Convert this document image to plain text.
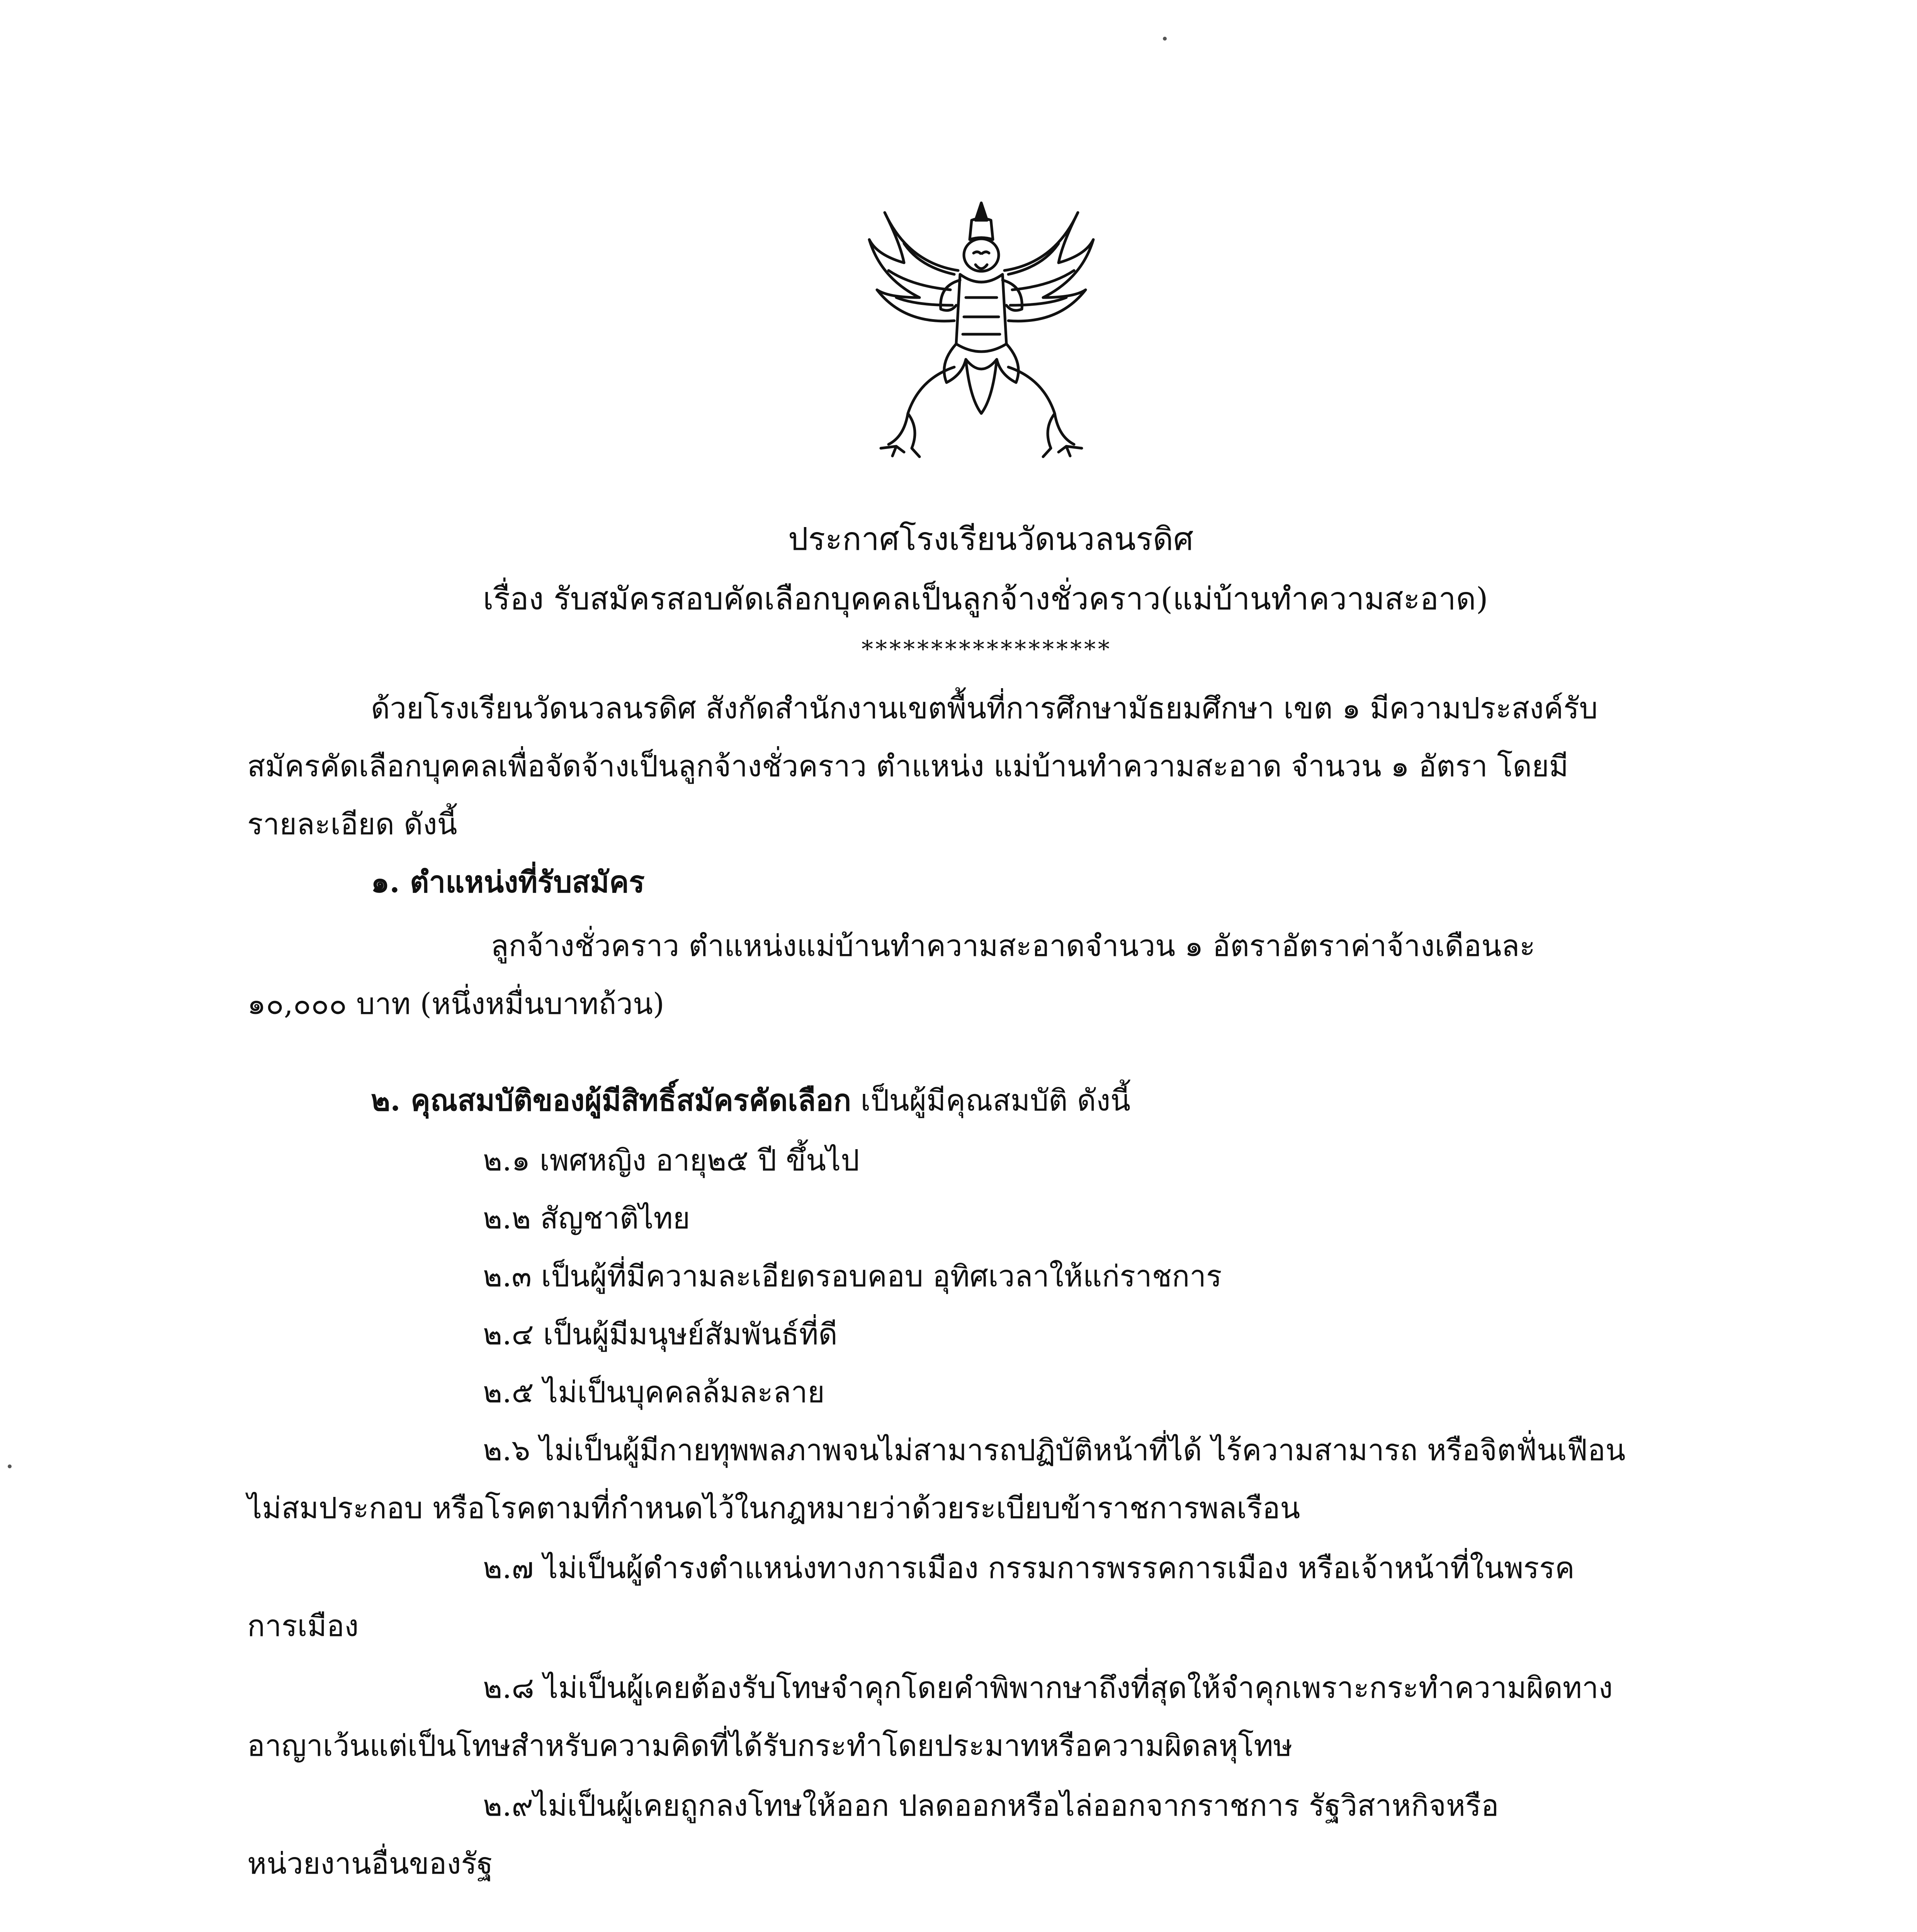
ประกาศโรงเรียนวัดนวลนรดิศ
เรื่อง รับสมัครสอบคัดเลือกบุคคลเป็นลูกจ้างชั่วคราว(แม่บ้านทำความสะอาด)
******************
ด้วยโรงเรียนวัดนวลนรดิศ สังกัดสำนักงานเขตพื้นที่การศึกษามัธยมศึกษา เขต ๑ มีความประสงค์รับ
สมัครคัดเลือกบุคคลเพื่อจัดจ้างเป็นลูกจ้างชั่วคราว ตำแหน่ง แม่บ้านทำความสะอาด จำนวน ๑ อัตรา โดยมี
รายละเอียด ดังนี้
๑. ตำแหน่งที่รับสมัคร
ลูกจ้างชั่วคราว ตำแหน่งแม่บ้านทำความสะอาดจำนวน ๑ อัตราอัตราค่าจ้างเดือนละ
๑๐,๐๐๐ บาท (หนึ่งหมื่นบาทถ้วน)
๒. คุณสมบัติของผู้มีสิทธิ์สมัครคัดเลือก เป็นผู้มีคุณสมบัติ ดังนี้
๒.๑ เพศหญิง อายุ๒๕ ปี ขึ้นไป
๒.๒ สัญชาติไทย
๒.๓ เป็นผู้ที่มีความละเอียดรอบคอบ อุทิศเวลาให้แก่ราชการ
๒.๔ เป็นผู้มีมนุษย์สัมพันธ์ที่ดี
๒.๕ ไม่เป็นบุคคลล้มละลาย
๒.๖ ไม่เป็นผู้มีกายทุพพลภาพจนไม่สามารถปฏิบัติหน้าที่ได้ ไร้ความสามารถ หรือจิตฟั่นเฟือน
ไม่สมประกอบ หรือโรคตามที่กำหนดไว้ในกฎหมายว่าด้วยระเบียบข้าราชการพลเรือน
๒.๗ ไม่เป็นผู้ดำรงตำแหน่งทางการเมือง กรรมการพรรคการเมือง หรือเจ้าหน้าที่ในพรรค
การเมือง
๒.๘ ไม่เป็นผู้เคยต้องรับโทษจำคุกโดยคำพิพากษาถึงที่สุดให้จำคุกเพราะกระทำความผิดทาง
อาญาเว้นแต่เป็นโทษสำหรับความคิดที่ได้รับกระทำโดยประมาทหรือความผิดลหุโทษ
๒.๙ไม่เป็นผู้เคยถูกลงโทษให้ออก ปลดออกหรือไล่ออกจากราชการ รัฐวิสาหกิจหรือ
หน่วยงานอื่นของรัฐ
